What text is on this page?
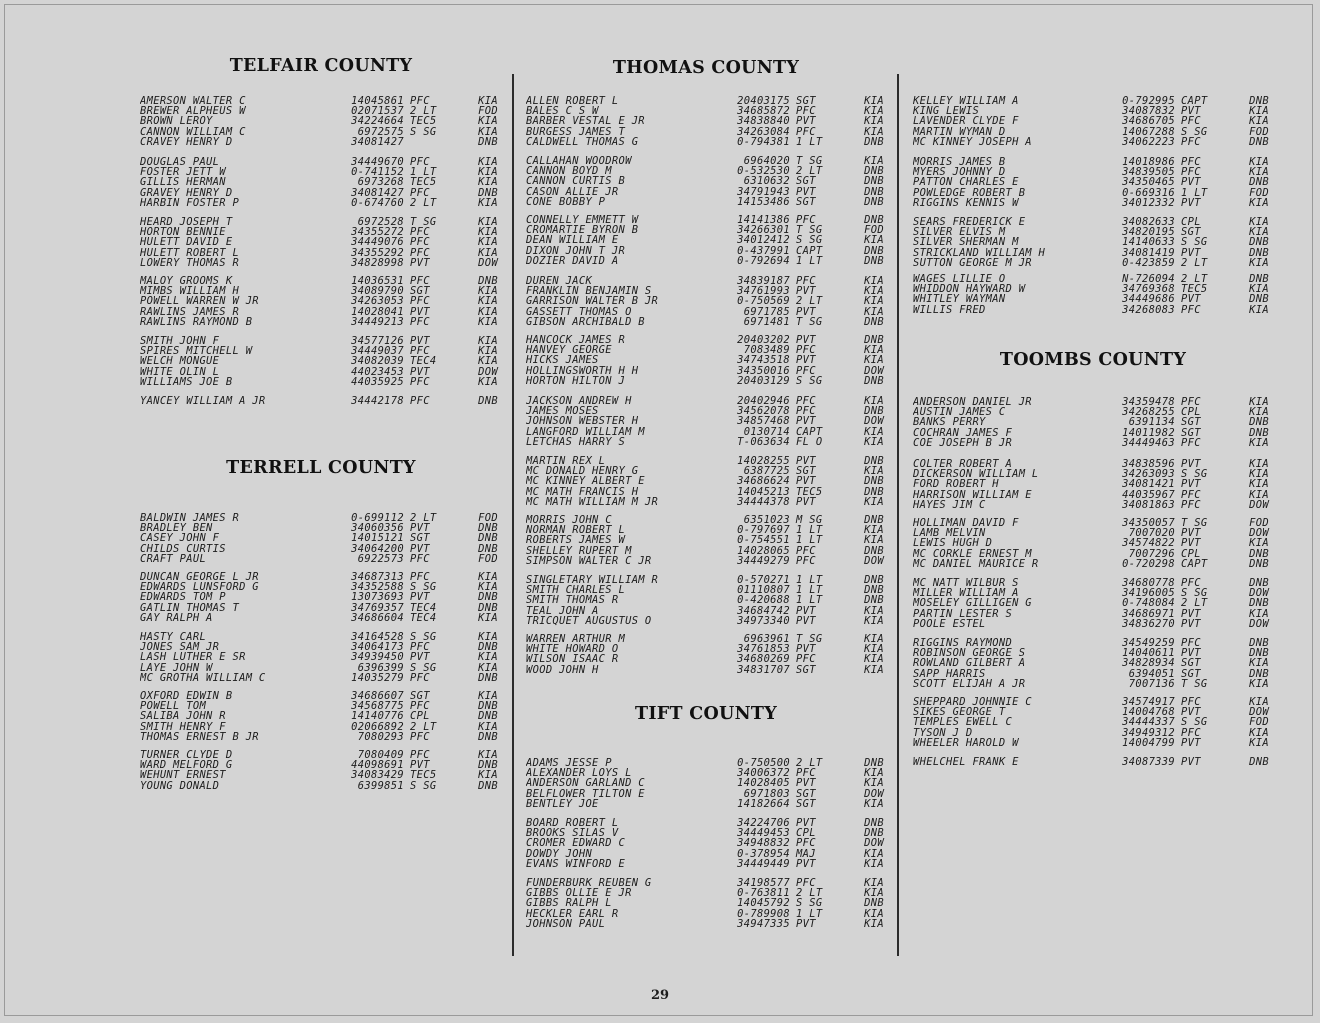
TELFAIR COUNTY
AMERSON WALTER C	14045861 PFC	KIA
BREWER ALPHEUS W	02071537 2 LT	FOD
BROWN LEROY	34224664 TEC5	KIA
CANNON WILLIAM C	6972575 S SG	KIA
CRAVEY HENRY D	34081427	DNB
DOUGLAS PAUL	34449670 PFC	KIA
FOSTER JETT W	0-741152 1 LT	KIA
GILLIS HERMAN	6973268 TEC5	KIA
GRAVEY HENRY D	34081427 PFC	DNB
HARBIN FOSTER P	0-674760 2 LT	KIA
HEARD JOSEPH T	6972528 T SG	KIA
HORTON BENNIE	34355272 PFC	KIA
HULETT DAVID E	34449076 PFC	KIA
HULETT ROBERT L	34355292 PFC	KIA
LOWERY THOMAS R	34828998 PVT	DOW
MALOY GROOMS K	14036531 PFC	DNB
MIMBS WILLIAM H	34089790 SGT	KIA
POWELL WARREN W JR	34263053 PFC	KIA
RAWLINS JAMES R	14028041 PVT	KIA
RAWLINS RAYMOND B	34449213 PFC	KIA
SMITH JOHN F	34577126 PVT	KIA
SPIRES MITCHELL W	34449037 PFC	KIA
WELCH MONGUE	34082039 TEC4	KIA
WHITE OLIN L	44023453 PVT	DOW
WILLIAMS JOE B	44035925 PFC	KIA
YANCEY WILLIAM A JR	34442178 PFC	DNB
TERRELL COUNTY
BALDWIN JAMES R	0-699112 2 LT	FOD
BRADLEY BEN	34060356 PVT	DNB
CASEY JOHN F	14015121 SGT	DNB
CHILDS CURTIS	34064200 PVT	DNB
CRAFT PAUL	6922573 PFC	FOD
DUNCAN GEORGE L JR	34687313 PFC	KIA
EDWARDS LUNSFORD G	34352588 S SG	KIA
EDWARDS TOM P	13073693 PVT	DNB
GATLIN THOMAS T	34769357 TEC4	DNB
GAY RALPH A	34686604 TEC4	KIA
HASTY CARL	34164528 S SG	KIA
JONES SAM JR	34064173 PFC	DNB
LASH LUTHER E SR	34939450 PVT	KIA
LAYE JOHN W	6396399 S SG	KIA
MC GROTHA WILLIAM C	14035279 PFC	DNB
OXFORD EDWIN B	34686607 SGT	KIA
POWELL TOM	34568775 PFC	DNB
SALIBA JOHN R	14140776 CPL	DNB
SMITH HENRY F	02066892 2 LT	KIA
THOMAS ERNEST B JR	7080293 PFC	DNB
TURNER CLYDE D	7080409 PFC	KIA
WARD MELFORD G	44098691 PVT	DNB
WEHUNT ERNEST	34083429 TEC5	KIA
YOUNG DONALD	6399851 S SG	DNB
THOMAS COUNTY
ALLEN ROBERT L	20403175 SGT	KIA
BALES C S W	34685872 PFC	KIA
BARBER VESTAL E JR	34838840 PVT	KIA
BURGESS JAMES T	34263084 PFC	KIA
CALDWELL THOMAS G	0-794381 1 LT	DNB
CALLAHAN WOODROW	6964020 T SG	KIA
CANNON BOYD M	0-532530 2 LT	DNB
CANNON CURTIS B	6310632 SGT	DNB
CASON ALLIE JR	34791943 PVT	DNB
CONE BOBBY P	14153486 SGT	DNB
CONNELLY EMMETT W	14141386 PFC	DNB
CROMARTIE BYRON B	34266301 T SG	FOD
DEAN WILLIAM E	34012412 S SG	KIA
DIXON JOHN T JR	0-437991 CAPT	DNB
DOZIER DAVID A	0-792694 1 LT	DNB
DUREN JACK	34839187 PFC	KIA
FRANKLIN BENJAMIN S	34761993 PVT	KIA
GARRISON WALTER B JR	0-750569 2 LT	KIA
GASSETT THOMAS O	6971785 PVT	KIA
GIBSON ARCHIBALD B	6971481 T SG	DNB
HANCOCK JAMES R	20403202 PVT	DNB
HANVEY GEORGE	7083489 PFC	KIA
HICKS JAMES	34743518 PVT	KIA
HOLLINGSWORTH H H	34350016 PFC	DOW
HORTON HILTON J	20403129 S SG	DNB
JACKSON ANDREW H	20402946 PFC	KIA
JAMES MOSES	34562078 PFC	DNB
JOHNSON WEBSTER H	34857468 PVT	DOW
LANGFORD WILLIAM M	0130714 CAPT	KIA
LETCHAS HARRY S	T-063634 FL O	KIA
MARTIN REX L	14028255 PVT	DNB
MC DONALD HENRY G	6387725 SGT	KIA
MC KINNEY ALBERT E	34686624 PVT	DNB
MC MATH FRANCIS H	14045213 TEC5	DNB
MC MATH WILLIAM M JR	34444378 PVT	KIA
MORRIS JOHN C	6351023 M SG	DNB
NORMAN ROBERT L	0-797697 1 LT	KIA
ROBERTS JAMES W	0-754551 1 LT	KIA
SHELLEY RUPERT M	14028065 PFC	DNB
SIMPSON WALTER C JR	34449279 PFC	DOW
SINGLETARY WILLIAM R	0-570271 1 LT	DNB
SMITH CHARLES L	01110807 1 LT	DNB
SMITH THOMAS R	0-420688 1 LT	DNB
TEAL JOHN A	34684742 PVT	KIA
TRICQUET AUGUSTUS O	34973340 PVT	KIA
WARREN ARTHUR M	6963961 T SG	KIA
WHITE HOWARD O	34761853 PVT	KIA
WILSON ISAAC R	34680269 PFC	KIA
WOOD JOHN H	34831707 SGT	KIA
TIFT COUNTY
ADAMS JESSE P	0-750500 2 LT	DNB
ALEXANDER LOYS L	34006372 PFC	KIA
ANDERSON GARLAND C	14028405 PVT	KIA
BELFLOWER TILTON E	6971803 SGT	DOW
BENTLEY JOE	14182664 SGT	KIA
BOARD ROBERT L	34224706 PVT	DNB
BROOKS SILAS V	34449453 CPL	DNB
CROMER EDWARD C	34948832 PFC	DOW
DOWDY JOHN	0-378954 MAJ	KIA
EVANS WINFORD E	34449449 PVT	KIA
FUNDERBURK REUBEN G	34198577 PFC	KIA
GIBBS OLLIE E JR	0-763811 2 LT	KIA
GIBBS RALPH L	14045792 S SG	DNB
HECKLER EARL R	0-789908 1 LT	KIA
JOHNSON PAUL	34947335 PVT	KIA
KELLEY WILLIAM A	0-792995 CAPT	DNB
KING LEWIS	34087832 PVT	KIA
LAVENDER CLYDE F	34686705 PFC	KIA
MARTIN WYMAN D	14067288 S SG	FOD
MC KINNEY JOSEPH A	34062223 PFC	DNB
MORRIS JAMES B	14018986 PFC	KIA
MYERS JOHNNY D	34839505 PFC	KIA
PATTON CHARLES E	34350465 PVT	DNB
POWLEDGE ROBERT B	0-669316 1 LT	FOD
RIGGINS KENNIS W	34012332 PVT	KIA
SEARS FREDERICK E	34082633 CPL	KIA
SILVER ELVIS M	34820195 SGT	KIA
SILVER SHERMAN M	14140633 S SG	DNB
STRICKLAND WILLIAM H	34081419 PVT	DNB
SUTTON GEORGE M JR	0-423859 2 LT	KIA
WAGES LILLIE O	N-726094 2 LT	DNB
WHIDDON HAYWARD W	34769368 TEC5	KIA
WHITLEY WAYMAN	34449686 PVT	DNB
WILLIS FRED	34268083 PFC	KIA
TOOMBS COUNTY
ANDERSON DANIEL JR	34359478 PFC	KIA
AUSTIN JAMES C	34268255 CPL	KIA
BANKS PERRY	6391134 SGT	DNB
COCHRAN JAMES F	14011982 SGT	DNB
COE JOSEPH B JR	34449463 PFC	KIA
COLTER ROBERT A	34838596 PVT	KIA
DICKERSON WILLIAM L	34263093 S SG	KIA
FORD ROBERT H	34081421 PVT	KIA
HARRISON WILLIAM E	44035967 PFC	KIA
HAYES JIM C	34081863 PFC	DOW
HOLLIMAN DAVID F	34350057 T SG	FOD
LAMB MELVIN	7007020 PVT	DOW
LEWIS HUGH D	34574822 PVT	KIA
MC CORKLE ERNEST M	7007296 CPL	DNB
MC DANIEL MAURICE R	0-720298 CAPT	DNB
MC NATT WILBUR S	34680778 PFC	DNB
MILLER WILLIAM A	34196005 S SG	DOW
MOSELEY GILLIGEN G	0-748084 2 LT	DNB
PARTIN LESTER S	34686971 PVT	KIA
POOLE ESTEL	34836270 PVT	DOW
RIGGINS RAYMOND	34549259 PFC	DNB
ROBINSON GEORGE S	14040611 PVT	DNB
ROWLAND GILBERT A	34828934 SGT	KIA
SAPP HARRIS	6394051 SGT	DNB
SCOTT ELIJAH A JR	7007136 T SG	KIA
SHEPPARD JOHNNIE C	34574917 PFC	KIA
SIKES GEORGE T	14004768 PVT	DOW
TEMPLES EWELL C	34444337 S SG	FOD
TYSON J D	34949312 PFC	KIA
WHEELER HAROLD W	14004799 PVT	KIA
WHELCHEL FRANK E	34087339 PVT	DNB
29
